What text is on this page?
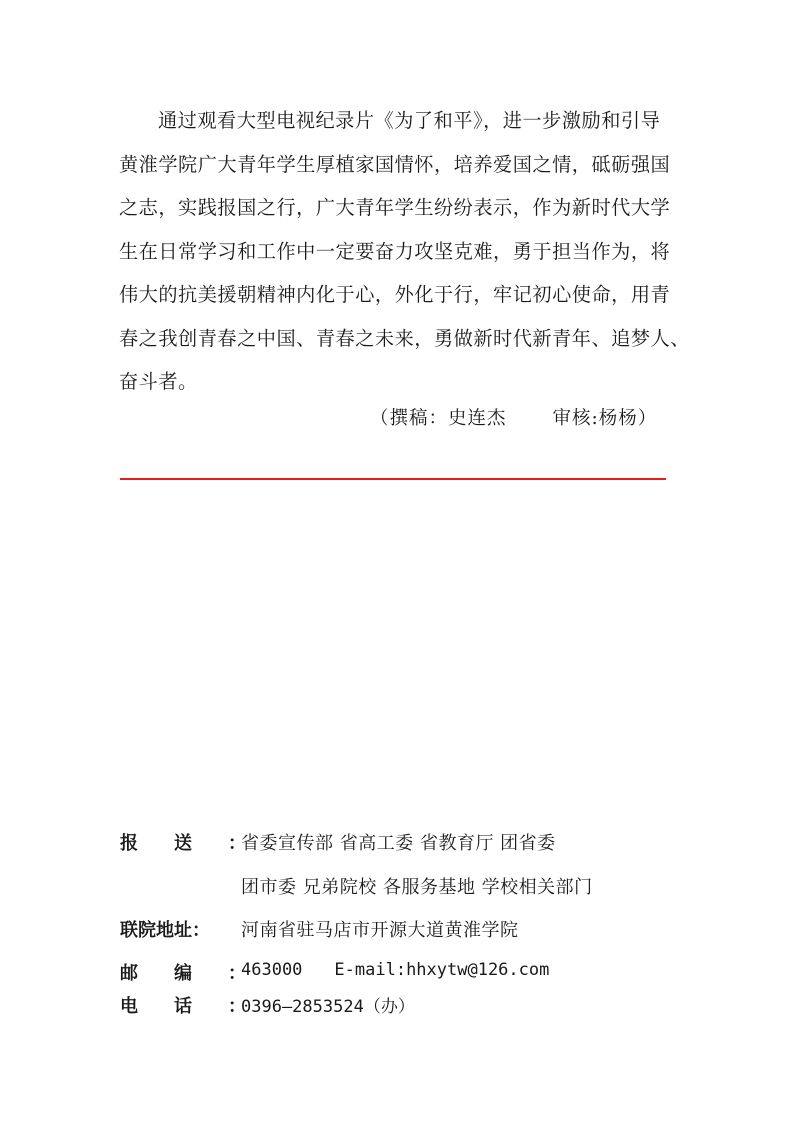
通过观看大型电视纪录片《为了和平》，进一步激励和引导
黄淮学院广大青年学生厚植家国情怀，培养爱国之情，砥砺强国
之志，实践报国之行，广大青年学生纷纷表示，作为新时代大学
生在日常学习和工作中一定要奋力攻坚克难，勇于担当作为，将
伟大的抗美援朝精神内化于心，外化于行，牢记初心使命，用青
春之我创青春之中国、青春之未来，勇做新时代新青年、追梦人、
奋斗者。
（撰稿：史连杰 审核:杨杨）
报送：
省委宣传部 省高工委 省教育厅 团省委
团市委 兄弟院校 各服务基地 学校相关部门
联院地址：	河南省驻马店市开源大道黄淮学院
邮编：
463000 E-mail:hhxytw@126.com
电话：
0396—2853524（办）
